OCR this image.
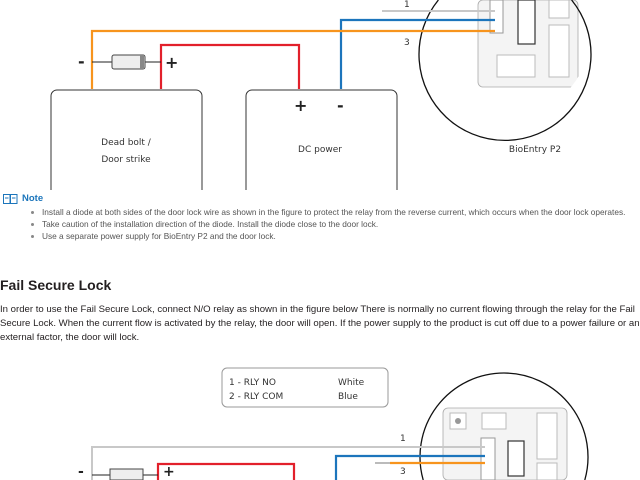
1
3
-	+
Dead bolt /
Door strike
+ -
DC power	BioEntry P2
Note
Install a diode at both sides of the door lock wire as shown in the figure to protect the relay from the reverse current, which occurs when the door lock operates.
Take caution of the installation direction of the diode. Install the diode close to the door lock.
Use a separate power supply for BioEntry P2 and the door lock.
Fail Secure Lock

In order to use the Fail Secure Lock, connect N/O relay as shown in the figure below There is normally no current flowing through the relay for the Fail Secure Lock. When the current flow is activated by the relay, the door will open. If the power supply to the product is cut off due to a power failure or an external factor, the door will lock.

1 - RLY NO	White
2 - RLY COM	Blue
1
3
-	+
